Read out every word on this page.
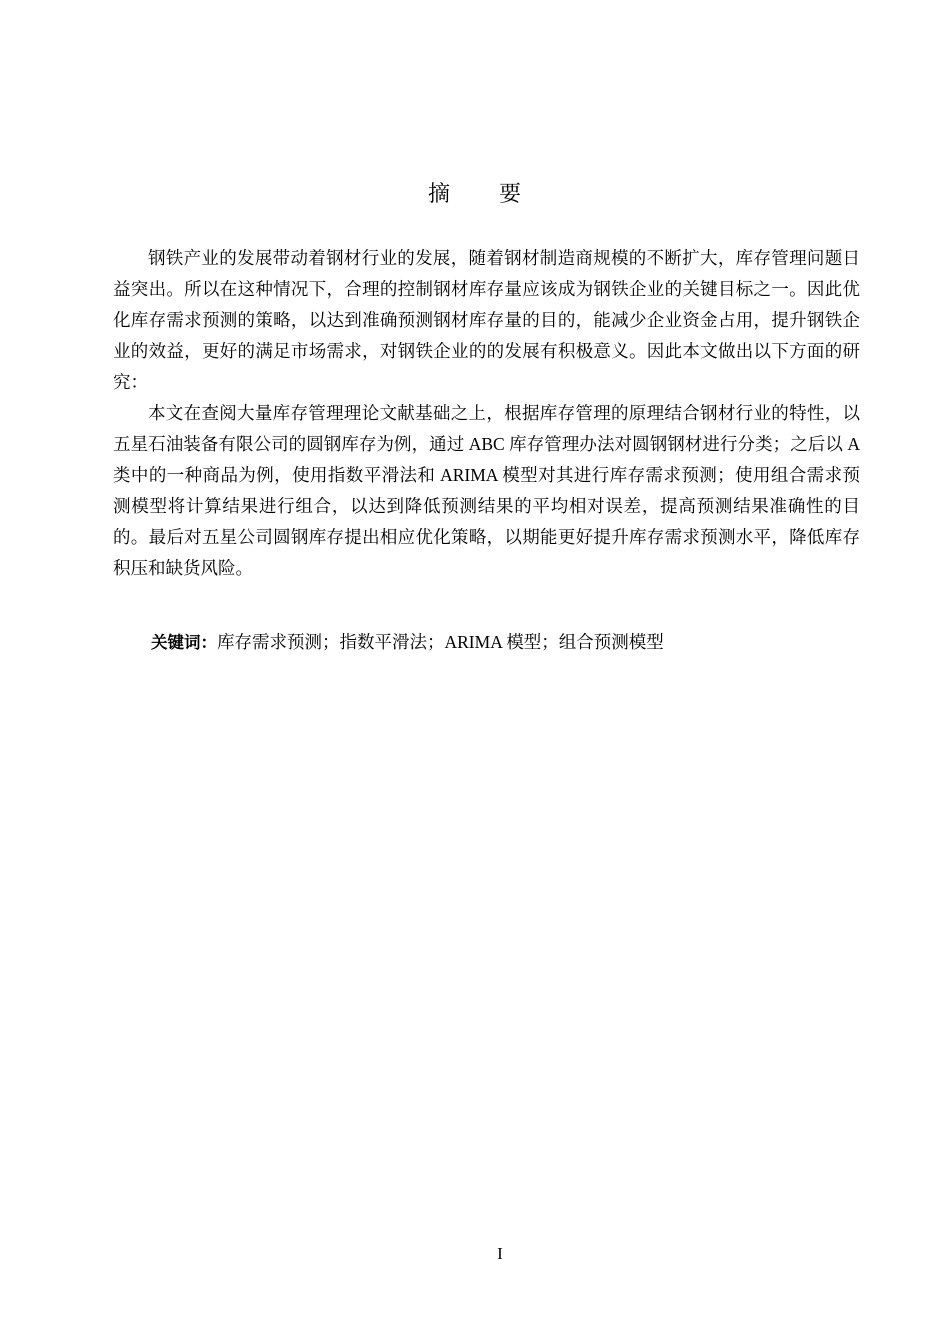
摘 要

钢铁产业的发展带动着钢材行业的发展，随着钢材制造商规模的不断扩大，库存管理问题日益突出。所以在这种情况下，合理的控制钢材库存量应该成为钢铁企业的关键目标之一。因此优化库存需求预测的策略，以达到准确预测钢材库存量的目的，能减少企业资金占用，提升钢铁企业的效益，更好的满足市场需求，对钢铁企业的的发展有积极意义。因此本文做出以下方面的研究：

本文在查阅大量库存管理理论文献基础之上，根据库存管理的原理结合钢材行业的特性，以五星石油装备有限公司的圆钢库存为例，通过 ABC 库存管理办法对圆钢钢材进行分类；之后以 A 类中的一种商品为例，使用指数平滑法和 ARIMA 模型对其进行库存需求预测；使用组合需求预测模型将计算结果进行组合，以达到降低预测结果的平均相对误差，提高预测结果准确性的目的。最后对五星公司圆钢库存提出相应优化策略，以期能更好提升库存需求预测水平，降低库存积压和缺货风险。

关键词：库存需求预测；指数平滑法；ARIMA 模型；组合预测模型
I
